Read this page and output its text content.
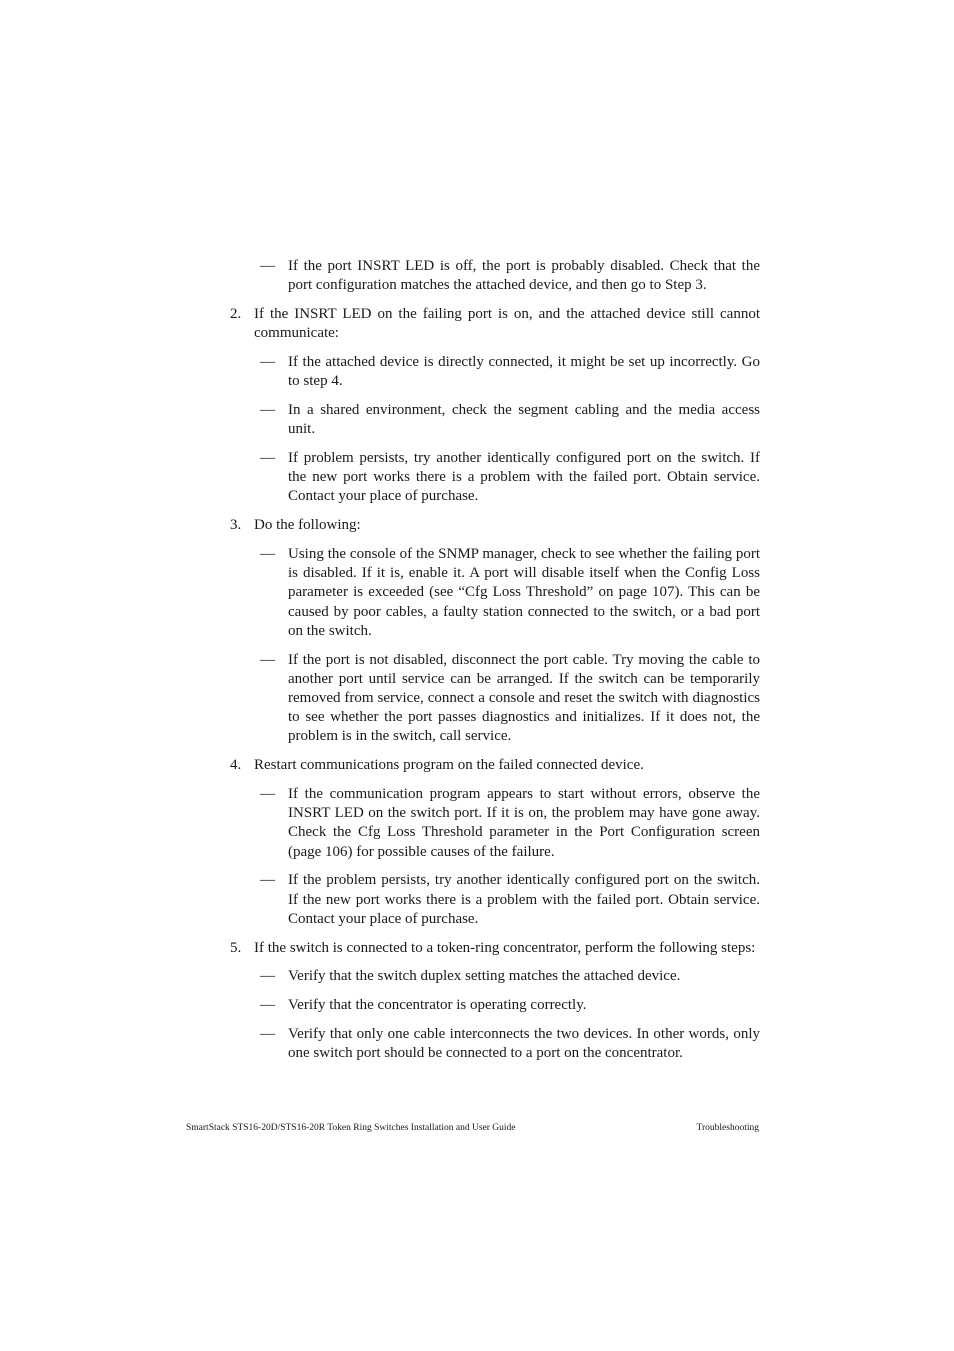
— If the port INSRT LED is off, the port is probably disabled. Check that the port configuration matches the attached device, and then go to Step 3.
2. If the INSRT LED on the failing port is on, and the attached device still cannot communicate:
— If the attached device is directly connected, it might be set up incorrectly. Go to step 4.
— In a shared environment, check the segment cabling and the media access unit.
— If problem persists, try another identically configured port on the switch. If the new port works there is a problem with the failed port. Obtain service. Contact your place of purchase.
3. Do the following:
— Using the console of the SNMP manager, check to see whether the failing port is disabled. If it is, enable it. A port will disable itself when the Config Loss parameter is exceeded (see “Cfg Loss Threshold” on page 107). This can be caused by poor cables, a faulty station connected to the switch, or a bad port on the switch.
— If the port is not disabled, disconnect the port cable. Try moving the cable to another port until service can be arranged. If the switch can be temporarily removed from service, connect a console and reset the switch with diagnostics to see whether the port passes diagnostics and initializes. If it does not, the problem is in the switch, call service.
4. Restart communications program on the failed connected device.
— If the communication program appears to start without errors, observe the INSRT LED on the switch port. If it is on, the problem may have gone away. Check the Cfg Loss Threshold parameter in the Port Configuration screen (page 106) for possible causes of the failure.
— If the problem persists, try another identically configured port on the switch. If the new port works there is a problem with the failed port. Obtain service. Contact your place of purchase.
5. If the switch is connected to a token-ring concentrator, perform the following steps:
— Verify that the switch duplex setting matches the attached device.
— Verify that the concentrator is operating correctly.
— Verify that only one cable interconnects the two devices. In other words, only one switch port should be connected to a port on the concentrator.
SmartStack STS16-20D/STS16-20R Token Ring Switches Installation and User Guide	Troubleshooting
